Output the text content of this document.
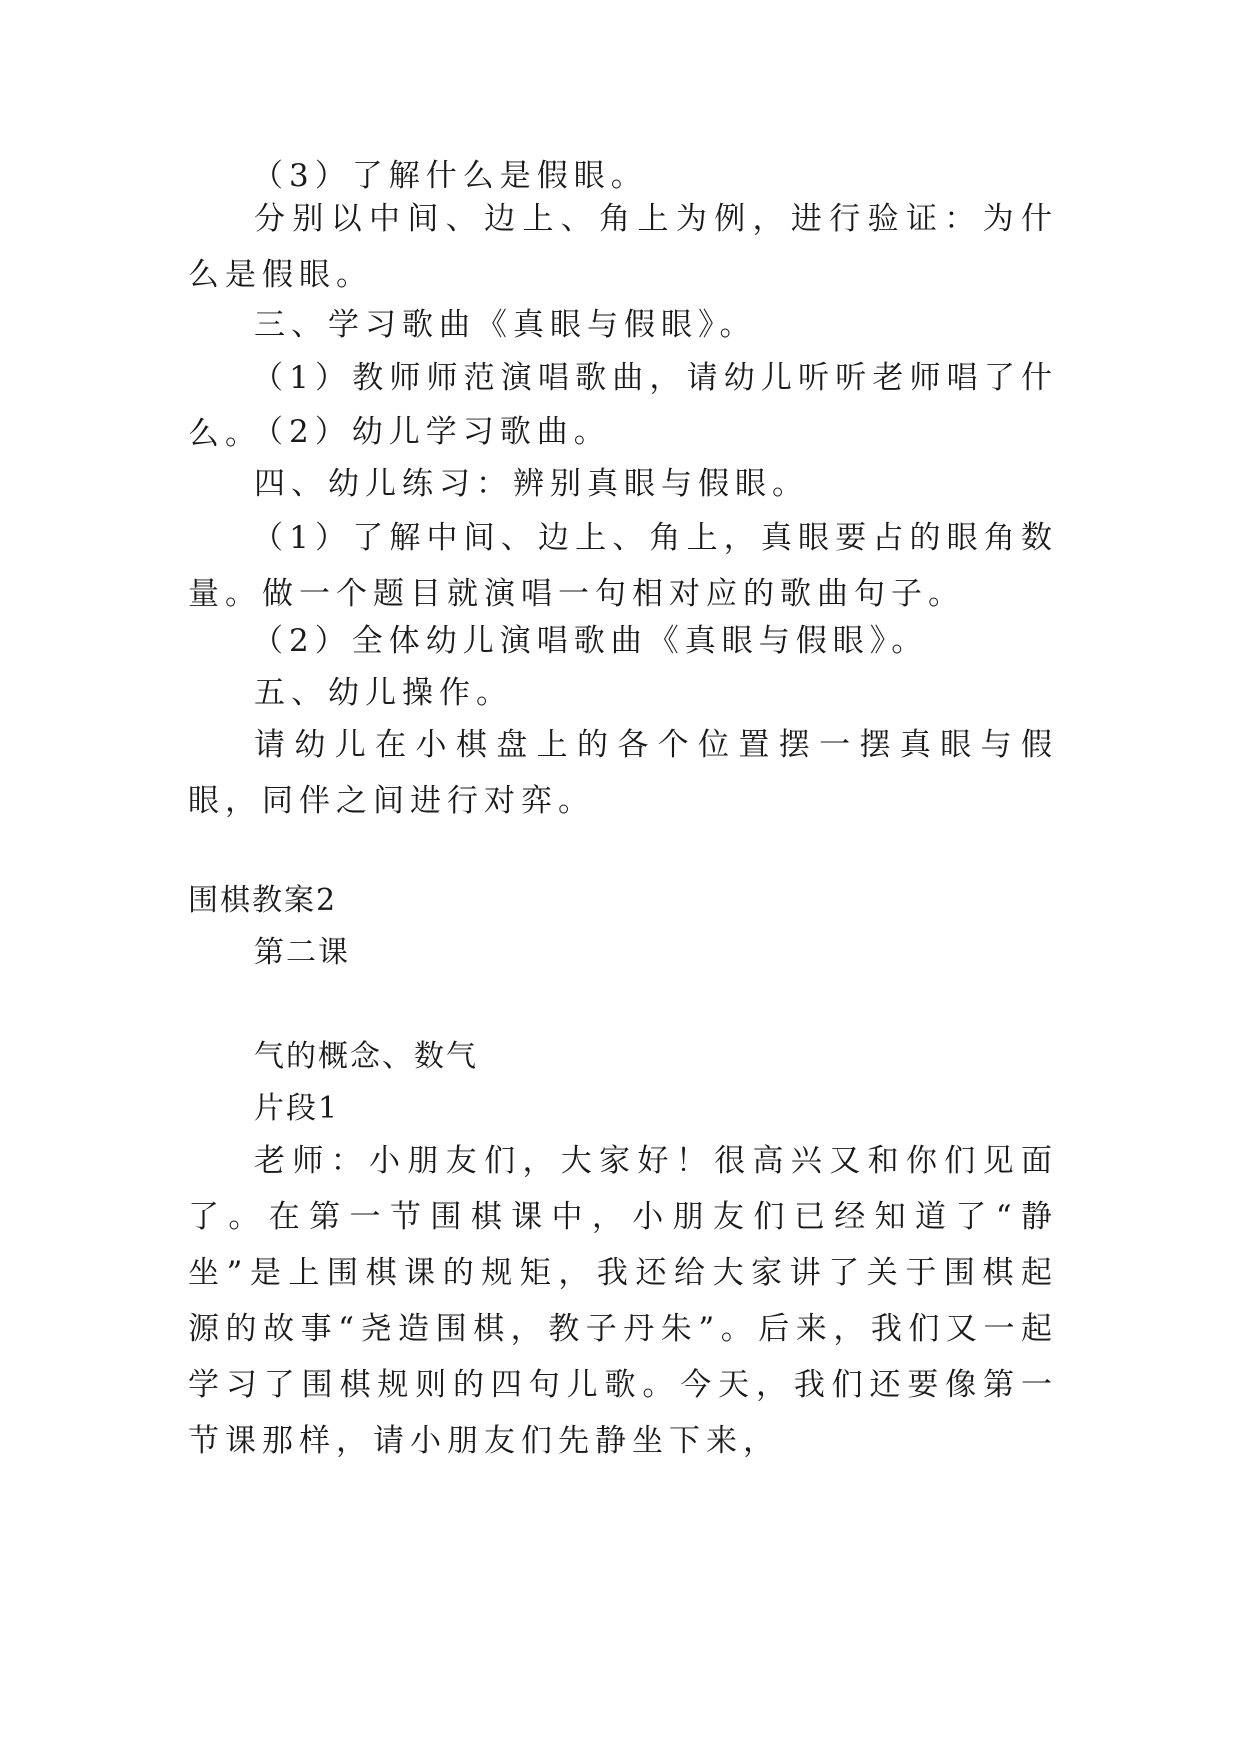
（3）了解什么是假眼。

分别以中间、边上、角上为例，进行验证：为什么是假眼。

三、学习歌曲《真眼与假眼》。

（1）教师师范演唱歌曲，请幼儿听听老师唱了什么。

（2）幼儿学习歌曲。

四、幼儿练习：辨别真眼与假眼。

（1）了解中间、边上、角上，真眼要占的眼角数量。做一个题目就演唱一句相对应的歌曲句子。

（2）全体幼儿演唱歌曲《真眼与假眼》。

五、幼儿操作。

请幼儿在小棋盘上的各个位置摆一摆真眼与假眼，同伴之间进行对弈。

围棋教案2

第二课

气的概念、数气

片段1

老师：小朋友们，大家好！很高兴又和你们见面了。在第一节围棋课中，小朋友们已经知道了“静坐”是上围棋课的规矩，我还给大家讲了关于围棋起源的故事“尧造围棋，教子丹朱”。后来，我们又一起学习了围棋规则的四句儿歌。今天，我们还要像第一节课那样，请小朋友们先静坐下来，
